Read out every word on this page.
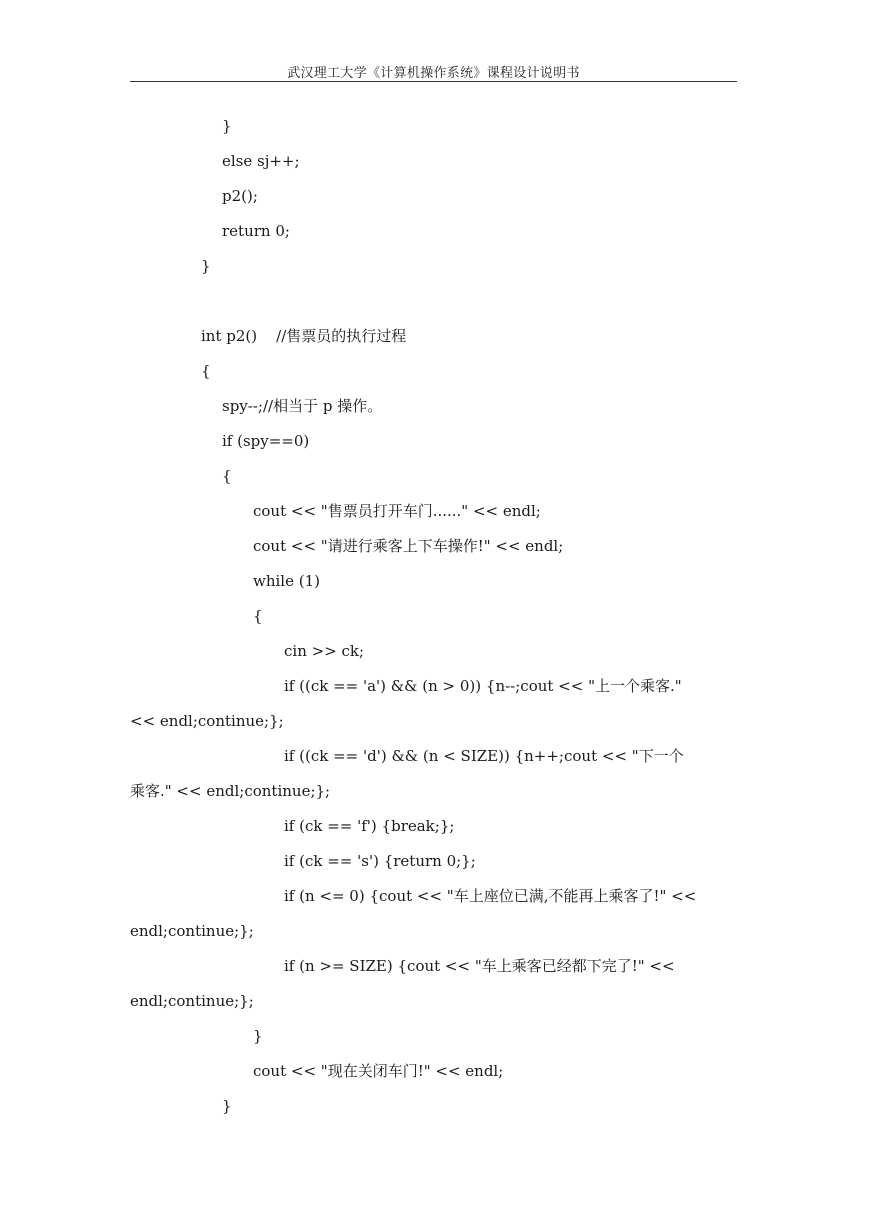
武汉理工大学《计算机操作系统》课程设计说明书
}
else sj++;
p2();
return 0;
}
int p2()    //售票员的执行过程
{
spy--;//相当于 p 操作。
if (spy==0)
{
cout << "售票员打开车门......" << endl;
cout << "请进行乘客上下车操作!" << endl;
while (1)
{
cin >> ck;
if ((ck == 'a') && (n > 0)) {n--;cout << "上一个乘客."
<< endl;continue;};
if ((ck == 'd') && (n < SIZE)) {n++;cout << "下一个
乘客." << endl;continue;};
if (ck == 'f') {break;};
if (ck == 's') {return 0;};
if (n <= 0) {cout << "车上座位已满,不能再上乘客了!" <<
endl;continue;};
if (n >= SIZE) {cout << "车上乘客已经都下完了!" <<
endl;continue;};
}
cout << "现在关闭车门!" << endl;
}
